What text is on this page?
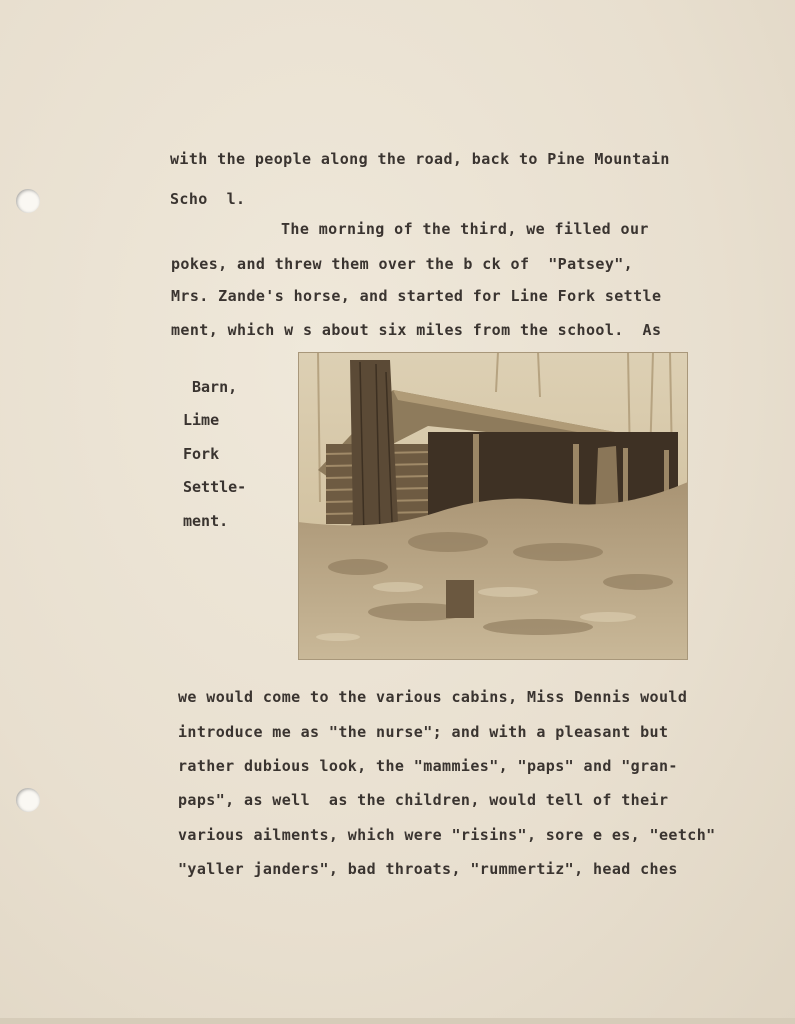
with the people along the road, back to Pine Mountain
Scho  l.
The morning of the third, we filled our
pokes, and threw them over the b ck of  "Patsey",
Mrs. Zande's horse, and started for Line Fork settle
ment, which w s about six miles from the school.  As
Barn,
Lime
Fork
Settle-
ment.
we would come to the various cabins, Miss Dennis would
introduce me as "the nurse"; and with a pleasant but
rather dubious look, the "mammies", "paps" and "gran-
paps", as well  as the children, would tell of their
various ailments, which were "risins", sore e es, "eetch"
"yaller janders", bad throats, "rummertiz", head ches
